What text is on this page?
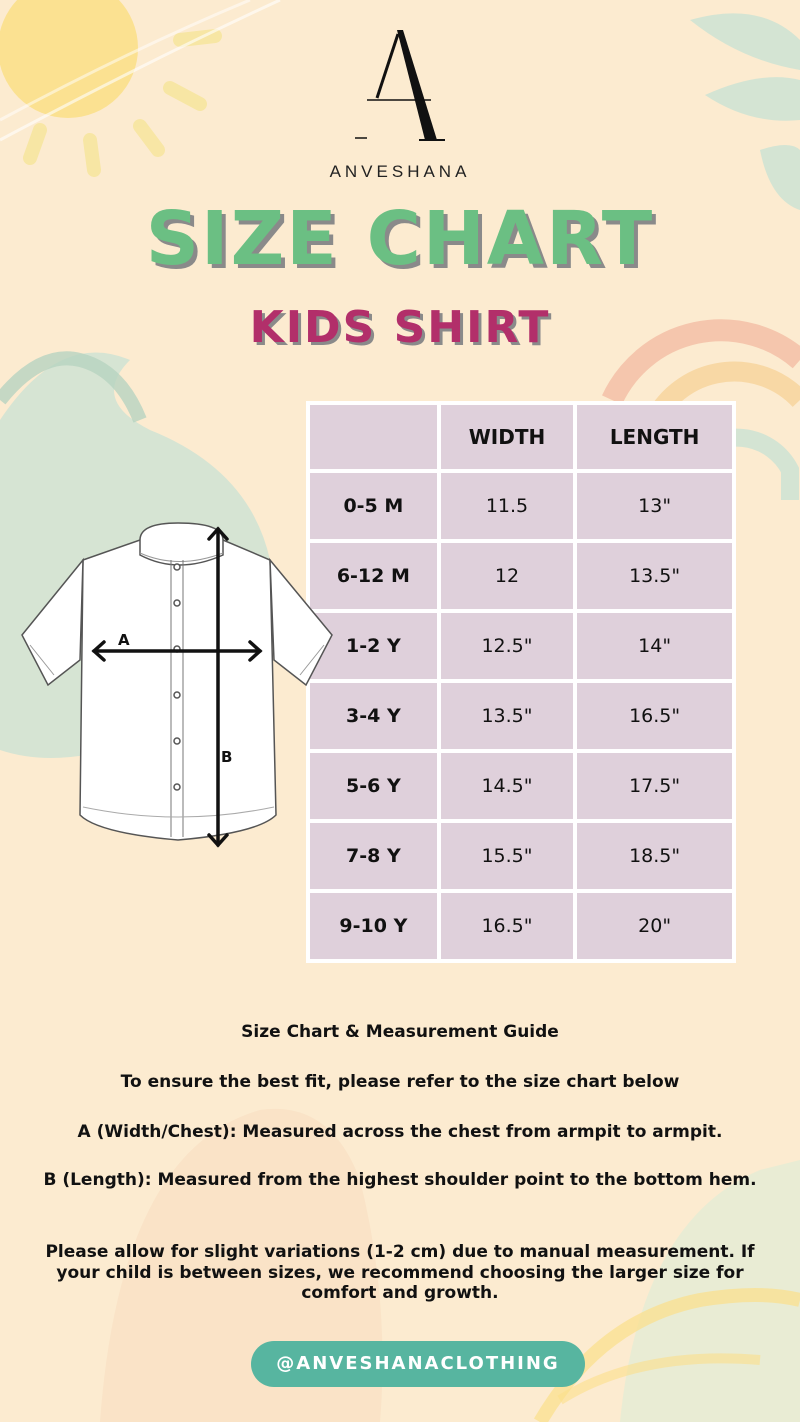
ANVESHANA
SIZE CHART
KIDS SHIRT
	WIDTH	LENGTH
0-5 M	11.5	13"
6-12 M	12	13.5"
1-2 Y	12.5"	14"
3-4 Y	13.5"	16.5"
5-6 Y	14.5"	17.5"
7-8 Y	15.5"	18.5"
9-10 Y	16.5"	20"
A
B
Size Chart & Measurement Guide
To ensure the best fit, please refer to the size chart below
A (Width/Chest): Measured across the chest from armpit to armpit.
B (Length): Measured from the highest shoulder point to the bottom hem.
Please allow for slight variations (1-2 cm) due to manual measurement. If your child is between sizes, we recommend choosing the larger size for comfort and growth.
@ANVESHANACLOTHING
